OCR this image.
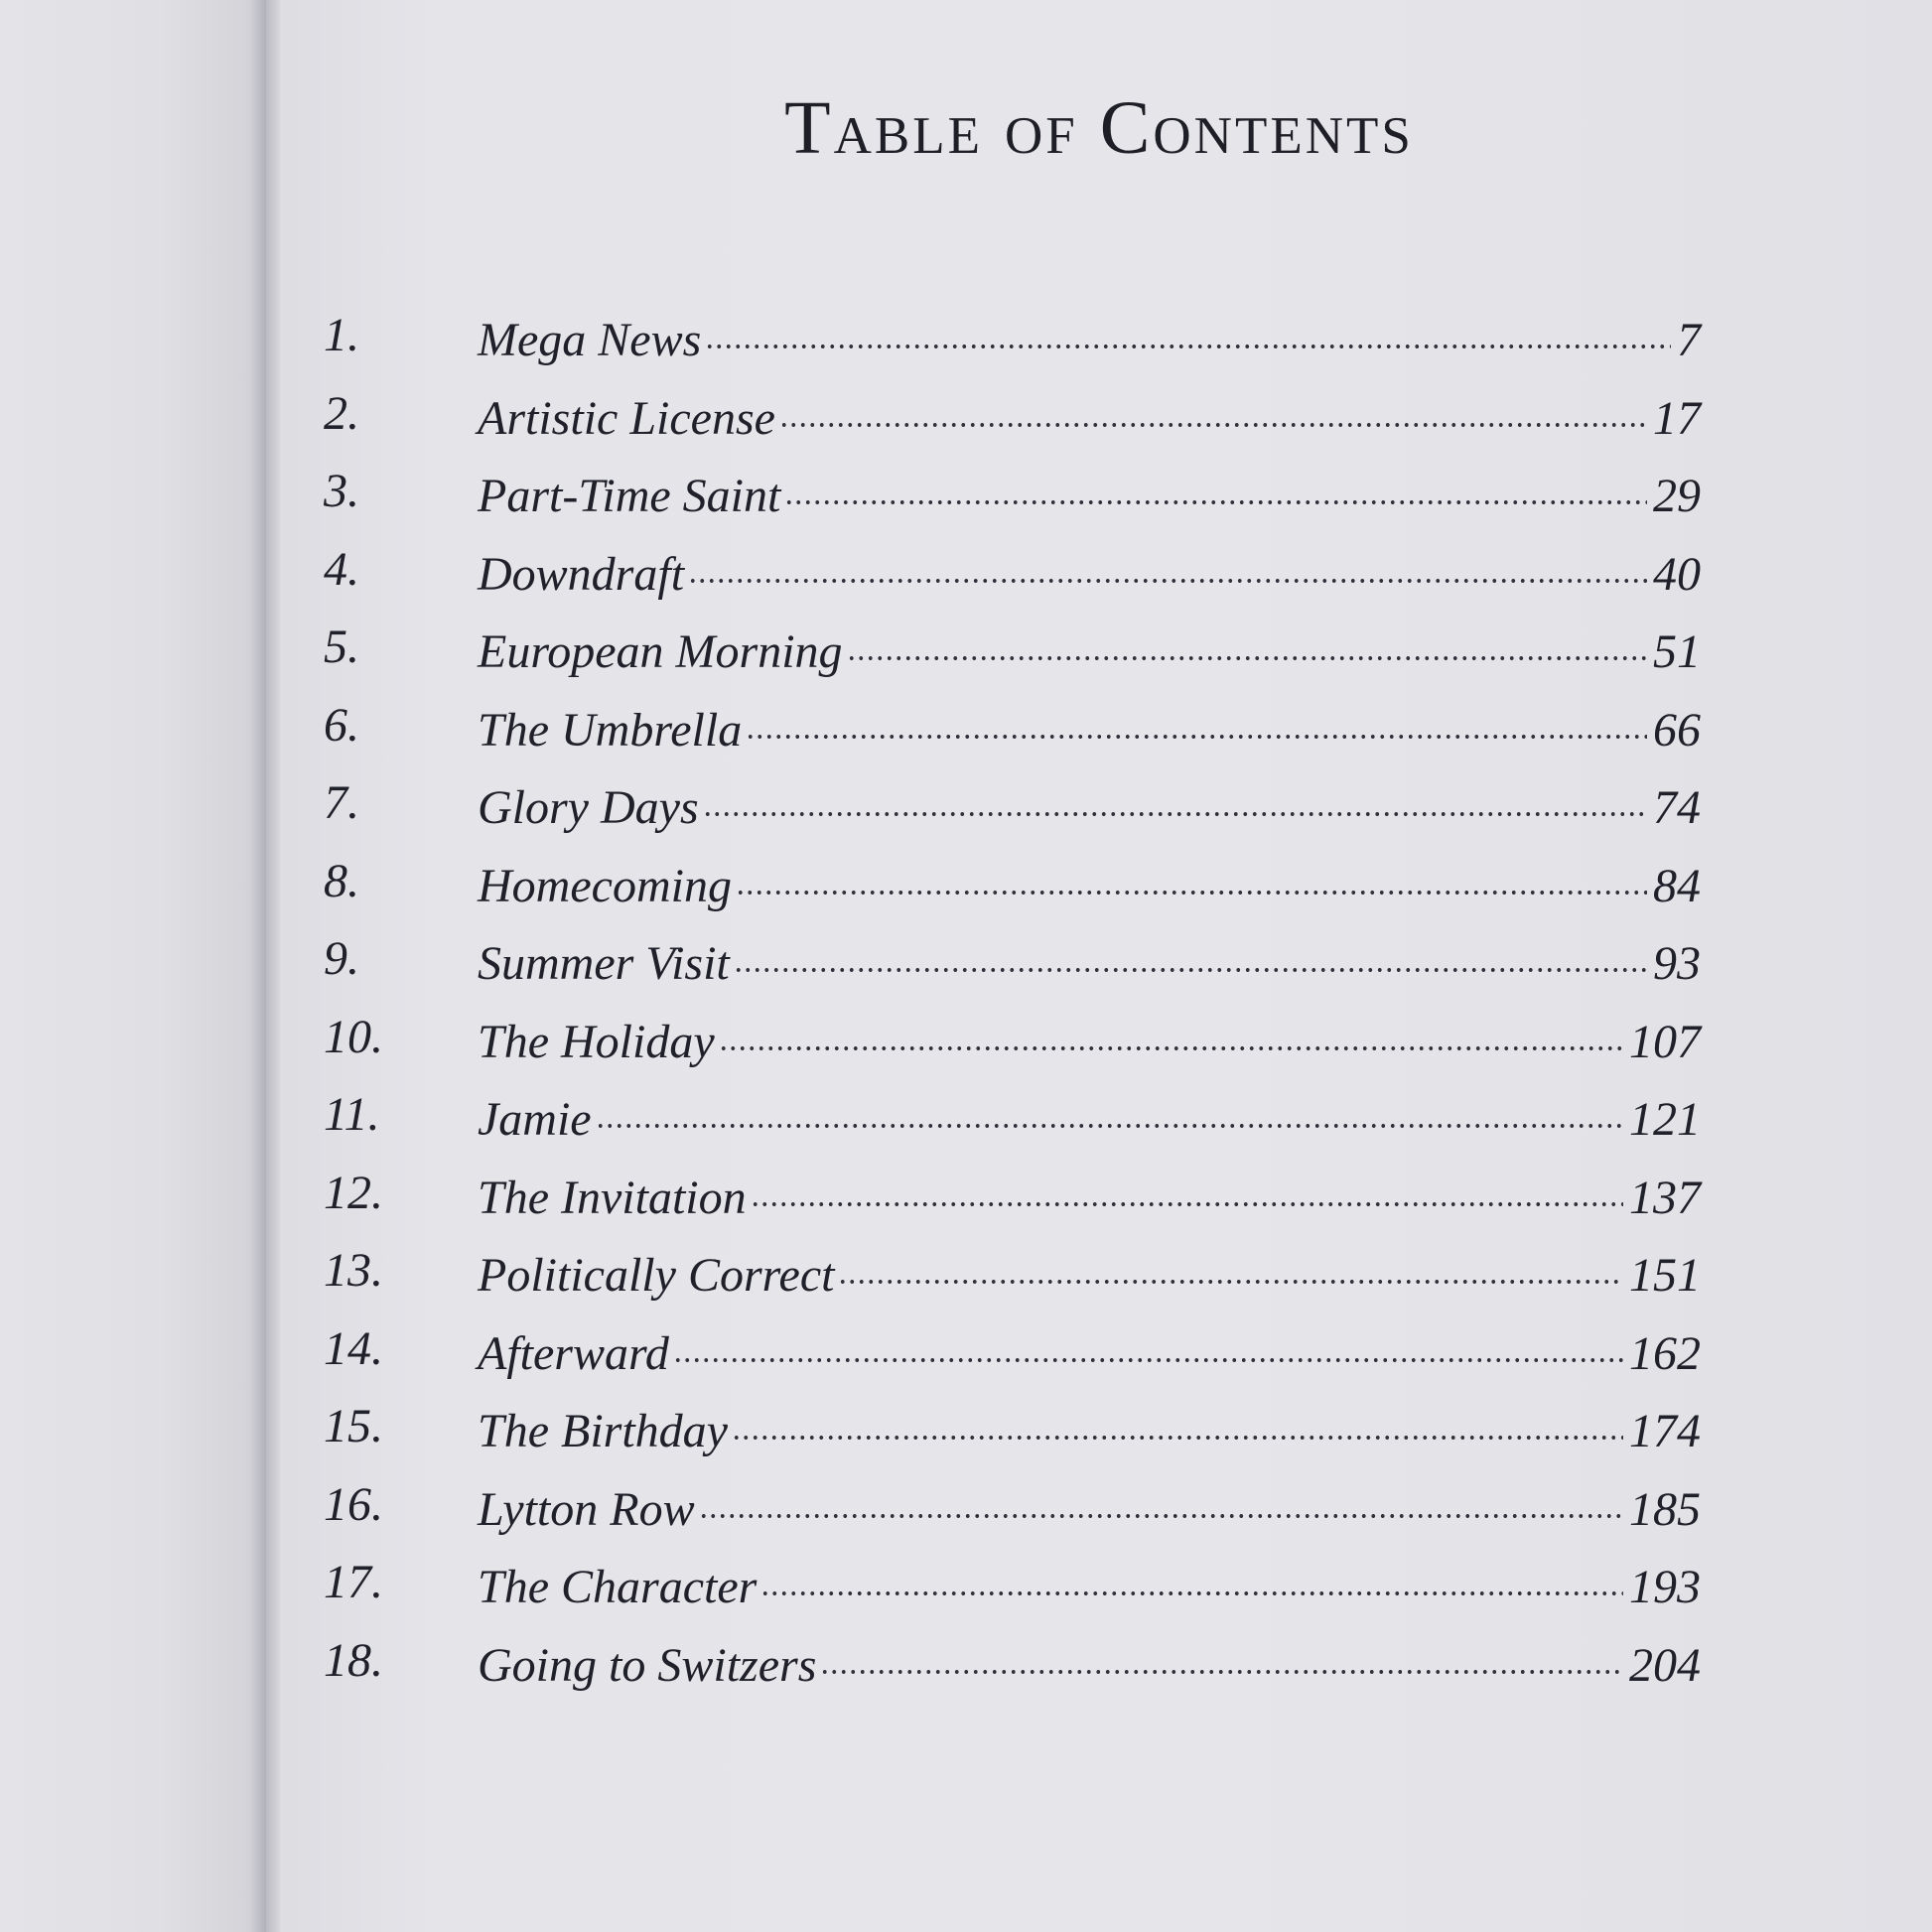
Table of Contents
1.	Mega News	7
2.	Artistic License	17
3.	Part-Time Saint	29
4.	Downdraft	40
5.	European Morning	51
6.	The Umbrella	66
7.	Glory Days	74
8.	Homecoming	84
9.	Summer Visit	93
10.	The Holiday	107
11.	Jamie	121
12.	The Invitation	137
13.	Politically Correct	151
14.	Afterward	162
15.	The Birthday	174
16.	Lytton Row	185
17.	The Character	193
18.	Going to Switzers	204
